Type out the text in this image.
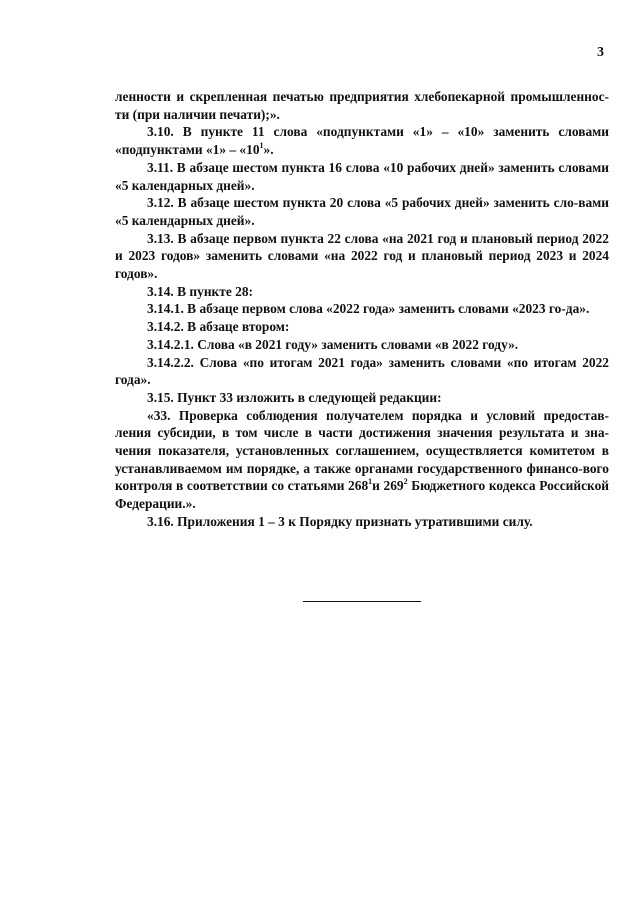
3

ленности и скрепленная печатью предприятия хлебопекарной промышленнос-ти (при наличии печати);».

3.10. В пункте 11 слова «подпунктами «1» – «10» заменить словами «подпунктами «1» – «$10^1$».

3.11. В абзаце шестом пункта 16 слова «10 рабочих дней» заменить словами «5 календарных дней».

3.12. В абзаце шестом пункта 20 слова «5 рабочих дней» заменить сло-вами «5 календарных дней».

3.13. В абзаце первом пункта 22 слова «на 2021 год и плановый период 2022 и 2023 годов» заменить словами «на 2022 год и плановый период 2023 и 2024 годов».

3.14. В пункте 28:

3.14.1. В абзаце первом слова «2022 года» заменить словами «2023 го-да».

3.14.2. В абзаце втором:

3.14.2.1. Слова «в 2021 году» заменить словами «в 2022 году».

3.14.2.2. Слова «по итогам 2021 года» заменить словами «по итогам 2022 года».

3.15. Пункт 33 изложить в следующей редакции:

«33. Проверка соблюдения получателем порядка и условий предостав-ления субсидии, в том числе в части достижения значения результата и зна-чения показателя, установленных соглашением, осуществляется комитетом в устанавливаемом им порядке, а также органами государственного финансо-вого контроля в соответствии со статьями $268^1и$ $269^2$ Бюджетного кодекса Российской Федерации.».

3.16. Приложения 1 – 3 к Порядку признать утратившими силу.
